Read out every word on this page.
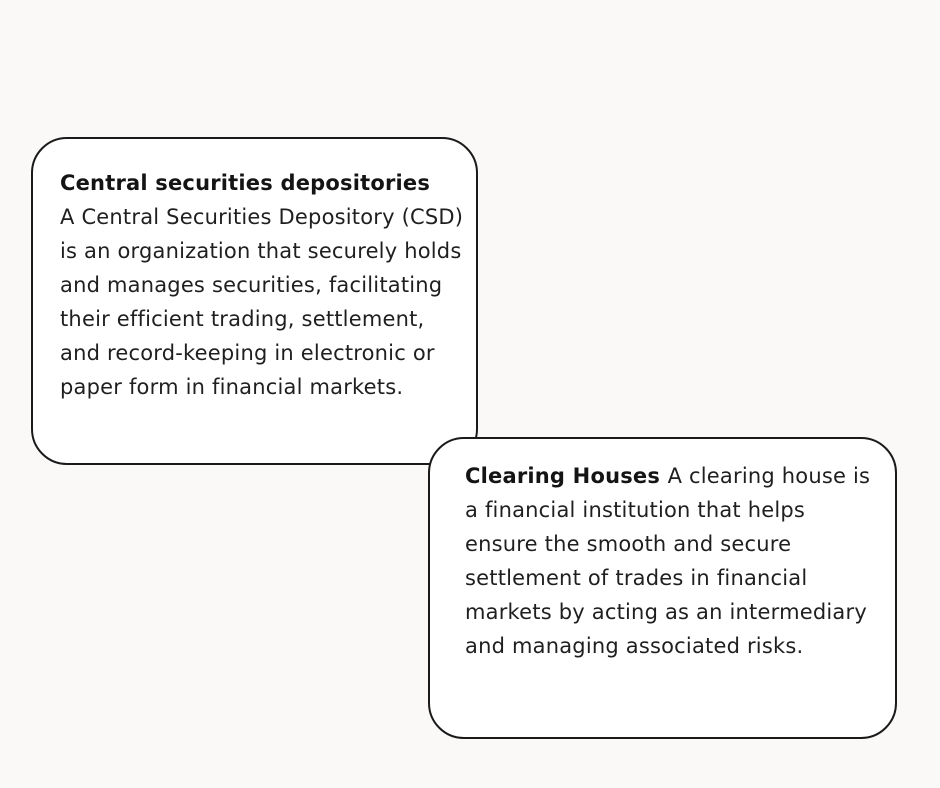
Central securities depositories
A Central Securities Depository (CSD) is an organization that securely holds and manages securities, facilitating their efficient trading, settlement, and record-keeping in electronic or paper form in financial markets.
Clearing Houses A clearing house is a financial institution that helps ensure the smooth and secure settlement of trades in financial markets by acting as an intermediary and managing associated risks.
